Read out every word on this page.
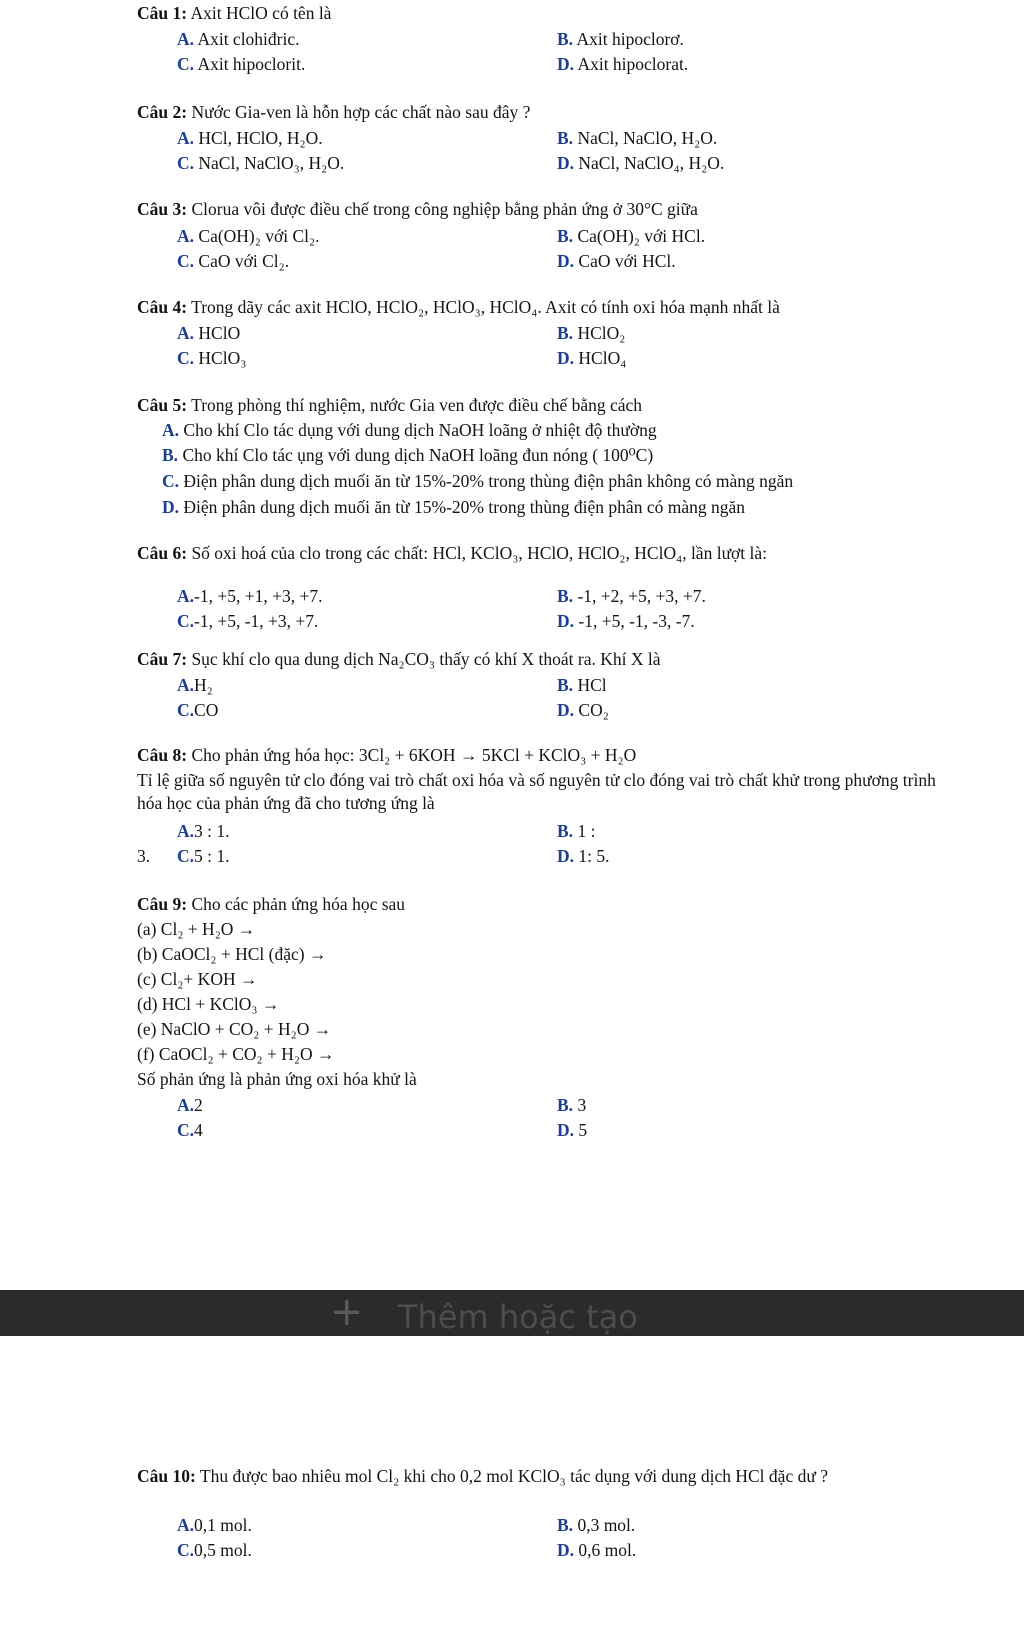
Câu 1: Axit HClO có tên là
A. Axit clohiđric.	B. Axit hipoclorơ.
C. Axit hipoclorit.	D. Axit hipoclorat.
Câu 2: Nước Gia-ven là hỗn hợp các chất nào sau đây ?
A. HCl, HClO, H₂O.	B. NaCl, NaClO, H₂O.
C. NaCl, NaClO₃, H₂O.	D. NaCl, NaClO₄, H₂O.
Câu 3: Clorua vôi được điều chế trong công nghiệp bằng phản ứng ở 30°C giữa
A. Ca(OH)₂ với Cl₂.	B. Ca(OH)₂ với HCl.
C. CaO với Cl₂.	D. CaO với HCl.
Câu 4: Trong dãy các axit HClO, HClO₂, HClO₃, HClO₄. Axit có tính oxi hóa mạnh nhất là
A. HClO	B. HClO₂
C. HClO₃	D. HClO₄
Câu 5: Trong phòng thí nghiệm, nước Gia ven được điều chế bằng cách
A. Cho khí Clo tác dụng với dung dịch NaOH loãng ở nhiệt độ thường
B. Cho khí Clo tác ụng với dung dịch NaOH loãng đun nóng ( 100⁰C)
C. Điện phân dung dịch muối ăn từ 15%-20% trong thùng điện phân không có màng ngăn
D. Điện phân dung dịch muối ăn từ 15%-20% trong thùng điện phân có màng ngăn
Câu 6: Số oxi hoá của clo trong các chất: HCl, KClO₃, HClO, HClO₂, HClO₄, lần lượt là:
A.-1, +5, +1, +3, +7.	B. -1, +2, +5, +3, +7.
C.-1, +5, -1, +3, +7.	D. -1, +5, -1, -3, -7.
Câu 7: Sục khí clo qua dung dịch Na₂CO₃ thấy có khí X thoát ra. Khí X là
A.H₂	B. HCl
C.CO	D. CO₂
Câu 8: Cho phản ứng hóa học: 3Cl₂ + 6KOH → 5KCl + KClO₃ + H₂O
Tỉ lệ giữa số nguyên tử clo đóng vai trò chất oxi hóa và số nguyên tử clo đóng vai trò chất khử trong phương trình hóa học của phản ứng đã cho tương ứng là
A.3 : 1.	B. 1 :
3. C.5 : 1.	D. 1: 5.
Câu 9: Cho các phản ứng hóa học sau
(a) Cl₂ + H₂O →
(b) CaOCl₂ + HCl (đặc) →
(c) Cl₂+ KOH →
(d) HCl + KClO₃ →
(e) NaClO + CO₂ + H₂O →
(f) CaOCl₂ + CO₂ + H₂O →
Số phản ứng là phản ứng oxi hóa khử là
A.2	B. 3
C.4	D. 5
+ Thêm hoặc tạo
Câu 10: Thu được bao nhiêu mol Cl₂ khi cho 0,2 mol KClO₃ tác dụng với dung dịch HCl đặc dư ?
A.0,1 mol.	B. 0,3 mol.
C.0,5 mol.	D. 0,6 mol.
